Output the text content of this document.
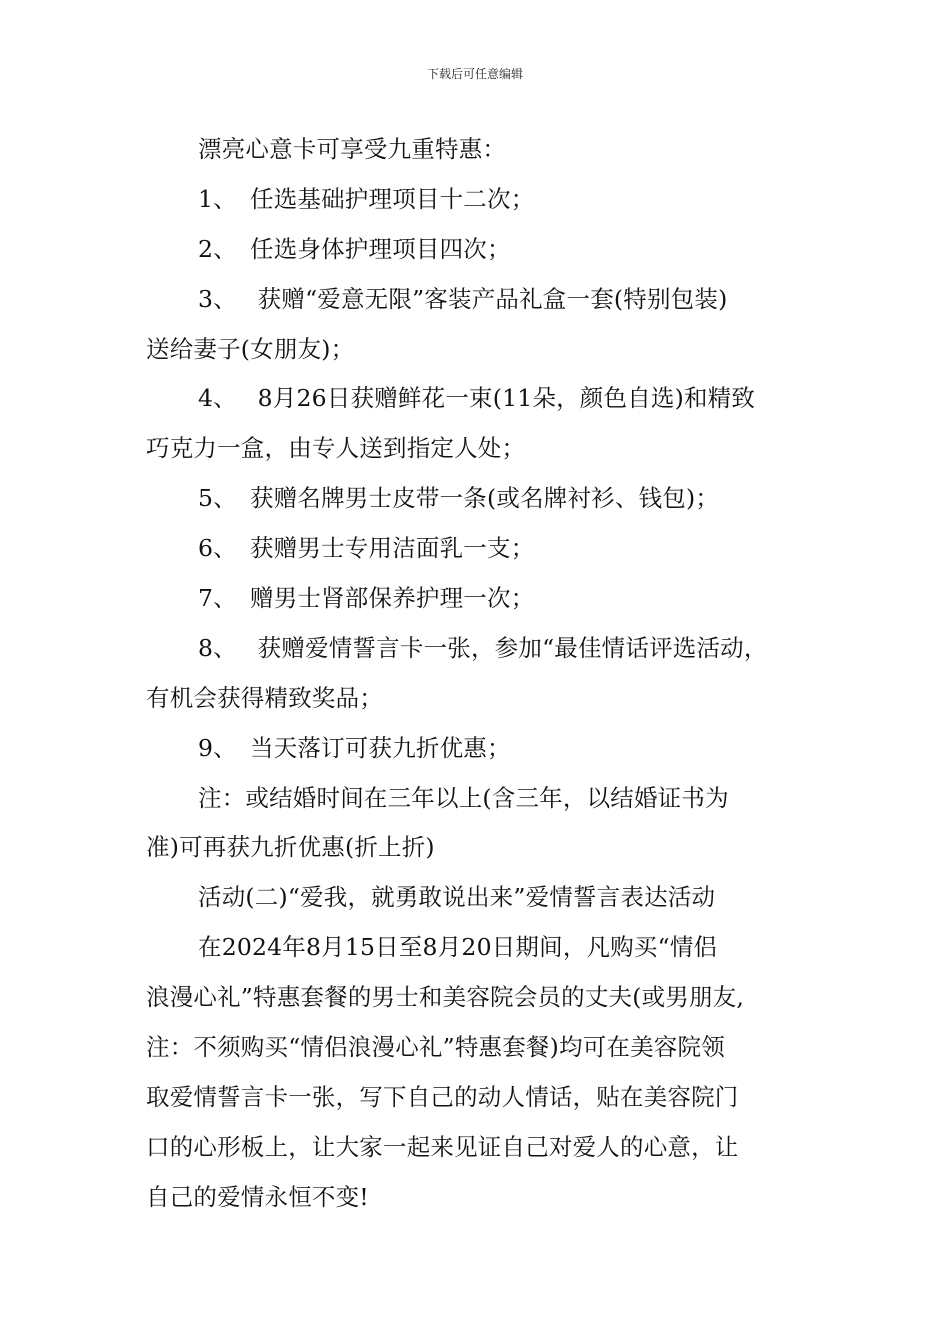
下载后可任意编辑
漂亮心意卡可享受九重特惠：
1、 任选基础护理项目十二次；
2、 任选身体护理项目四次；
3、 获赠“爱意无限”客装产品礼盒一套(特别包装)
送给妻子(女朋友)；
4、 8月26日获赠鲜花一束(11朵，颜色自选)和精致
巧克力一盒，由专人送到指定人处；
5、 获赠名牌男士皮带一条(或名牌衬衫、钱包)；
6、 获赠男士专用洁面乳一支；
7、 赠男士肾部保养护理一次；
8、 获赠爱情誓言卡一张，参加“最佳情话评选活动，
有机会获得精致奖品；
9、 当天落订可获九折优惠；
注：或结婚时间在三年以上(含三年，以结婚证书为
准)可再获九折优惠(折上折)
活动(二)“爱我，就勇敢说出来”爱情誓言表达活动
在2024年8月15日至8月20日期间，凡购买“情侣
浪漫心礼”特惠套餐的男士和美容院会员的丈夫(或男朋友,
注：不须购买“情侣浪漫心礼”特惠套餐)均可在美容院领
取爱情誓言卡一张，写下自己的动人情话，贴在美容院门
口的心形板上，让大家一起来见证自己对爱人的心意，让
自己的爱情永恒不变!
